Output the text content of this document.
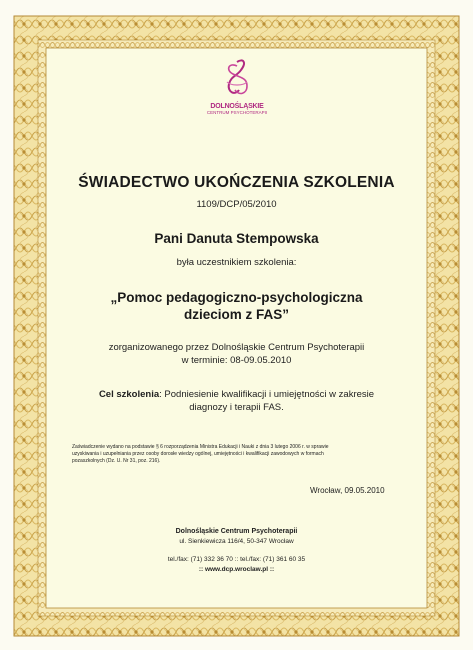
DOLNOŚLĄSKIE
CENTRUM PSYCHOTERAPII
ŚWIADECTWO UKOŃCZENIA SZKOLENIA
1109/DCP/05/2010
Pani Danuta Stempowska
była uczestnikiem szkolenia:
„Pomoc pedagogiczno-psychologiczna
dzieciom z FAS”
zorganizowanego przez Dolnośląskie Centrum Psychoterapii
w terminie: 08-09.05.2010
Cel szkolenia: Podniesienie kwalifikacji i umiejętności w zakresie
diagnozy i terapii FAS.
Zaświadczenie wydano na podstawie § 6 rozporządzenia Ministra Edukacji i Nauki z dnia 3 lutego 2006 r. w sprawie
uzyskiwania i uzupełniania przez osoby dorosłe wiedzy ogólnej, umiejętności i kwalifikacji zawodowych w formach
pozaszkolnych (Dz. U. Nr 31, poz. 216).
Wrocław, 09.05.2010
Dolnośląskie Centrum Psychoterapii
ul. Sienkiewicza 116/4, 50-347 Wrocław
tel./fax: (71) 332 36 70 :: tel./fax: (71) 361 60 35
:: www.dcp.wroclaw.pl ::
